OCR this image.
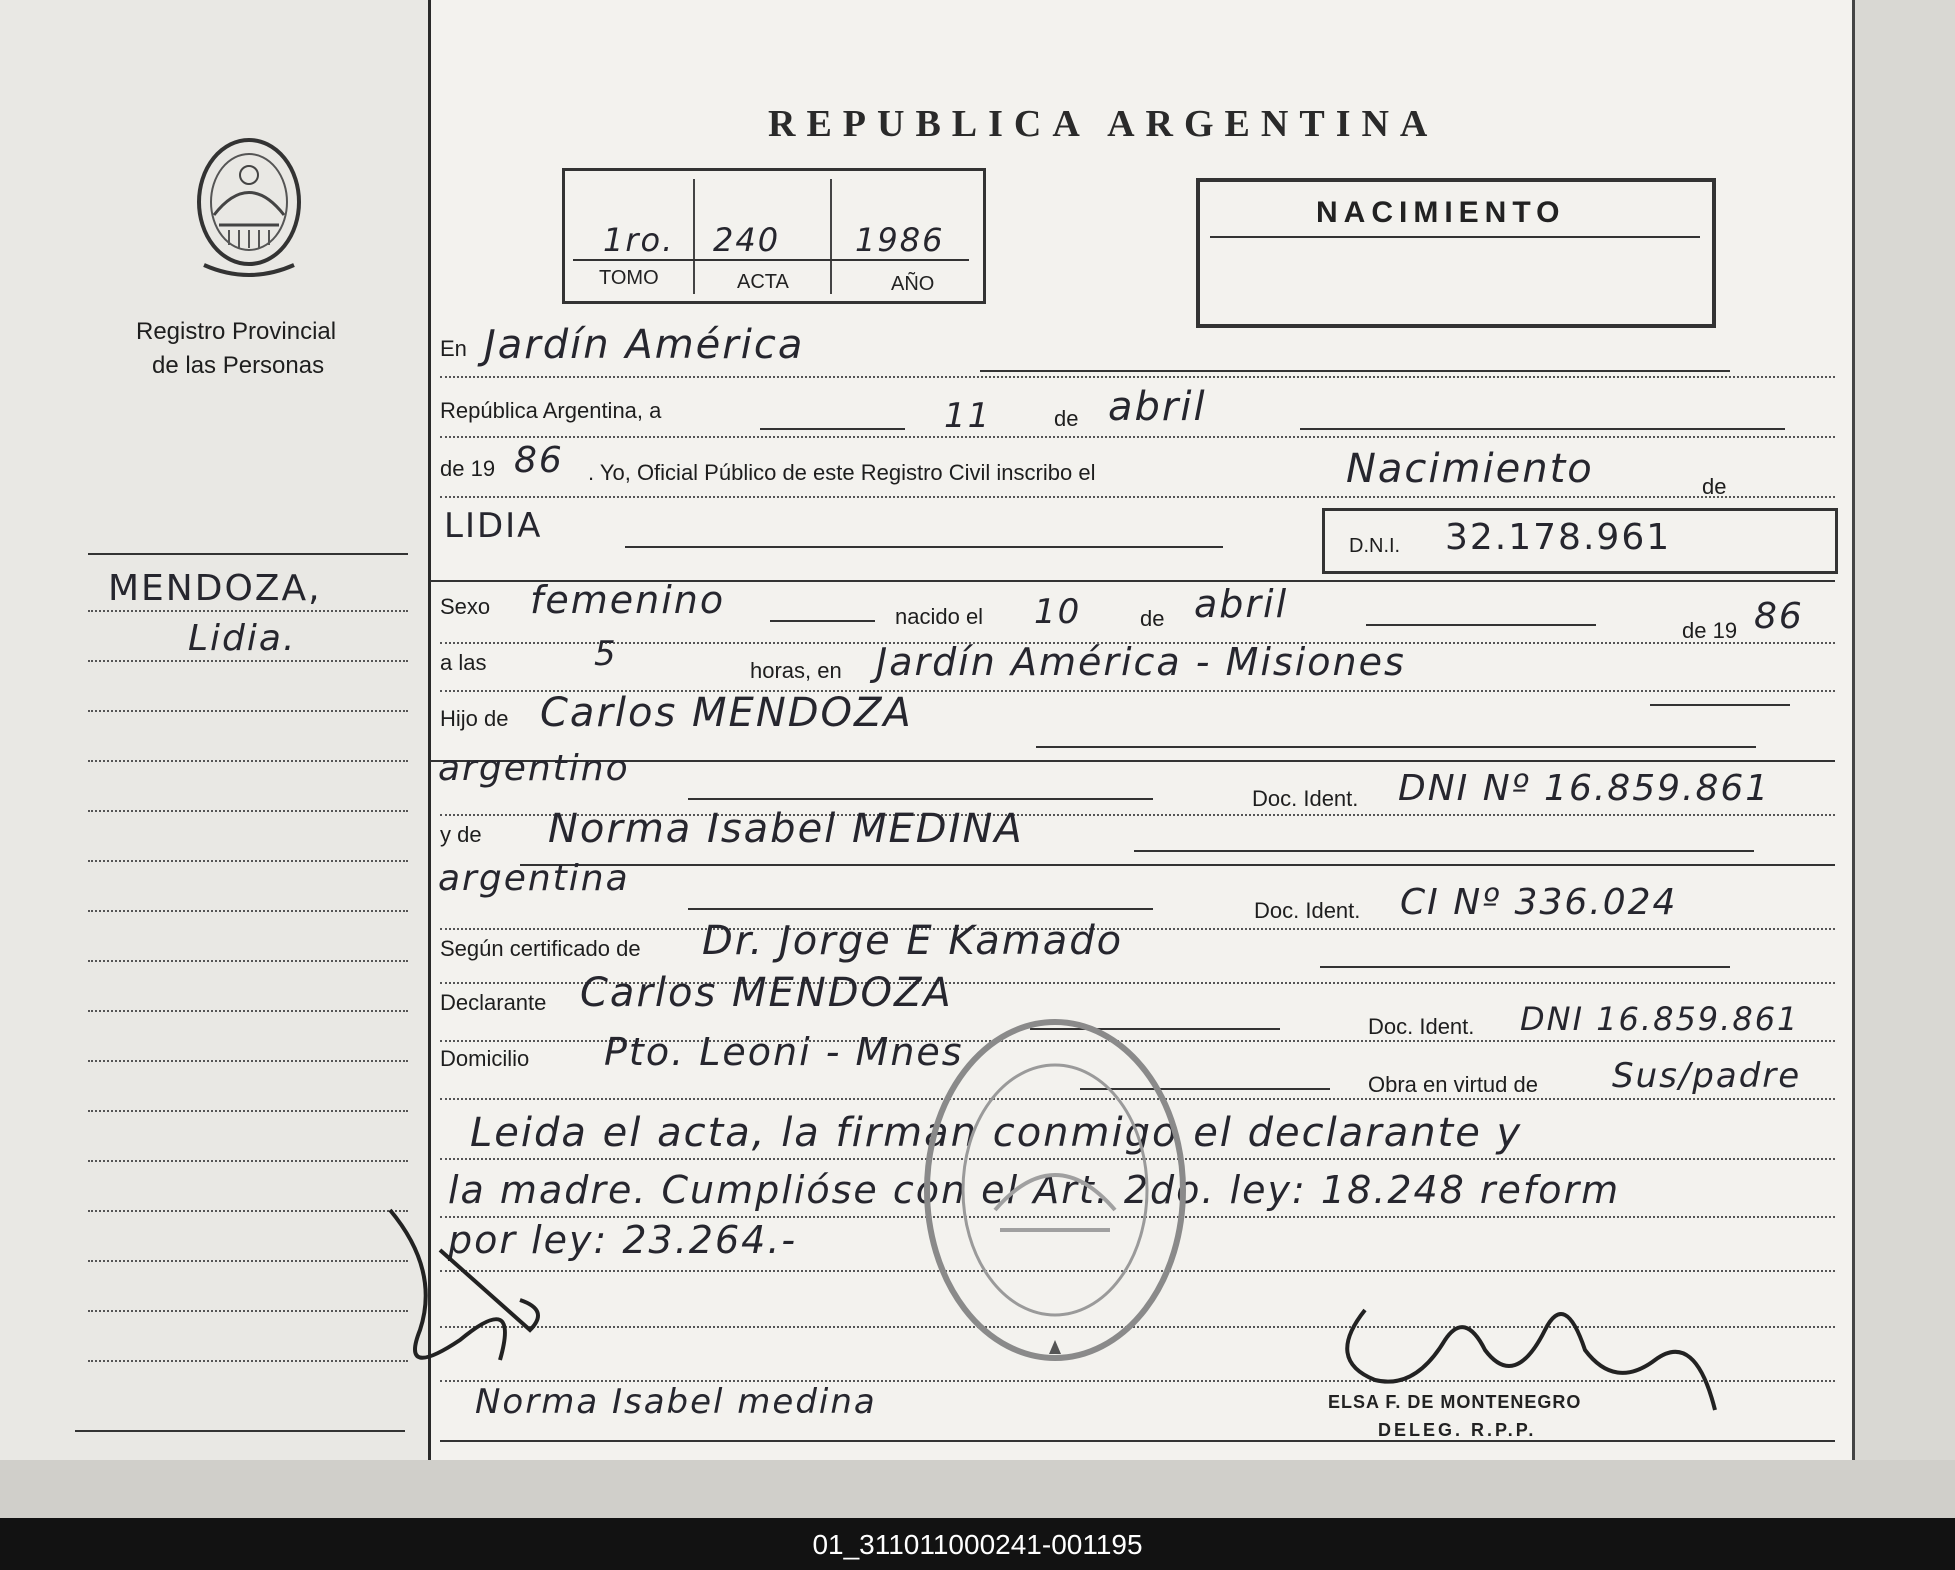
Registro Provincial
de las Personas
MENDOZA,
Lidia.
REPUBLICA ARGENTINA
1ro. 240 1986
TOMO	ACTA	AÑO
NACIMIENTO
En Jardín América
República Argentina, a	11	de abril
de 19 86 . Yo, Oficial Público de este Registro Civil inscribo el	Nacimiento	de
LIDIA	D.N.I. 32.178.961
Sexo femenino	nacido el 10	de abril
de 19 86
a las	5	horas, en Jardín América - Misiones
Hijo de Carlos MENDOZA
argentino
Doc. Ident. DNI Nº 16.859.861
y de Norma Isabel MEDINA
argentina
Doc. Ident. CI Nº 336.024
Según certificado de Dr. Jorge E Kamado
Declarante Carlos MENDOZA
Doc. Ident. DNI 16.859.861
Domicilio Pto. Leoni - Mnes
Obra en virtud de Sus/padre
Leida el acta, la firman conmigo el declarante y
la madre. Cumplióse con el Art. 2do. ley: 18.248 reform
por ley: 23.264.-
Norma Isabel medina	ELSA F. DE MONTENEGRO
DELEG. R.P.P.
01_311011000241-001195
